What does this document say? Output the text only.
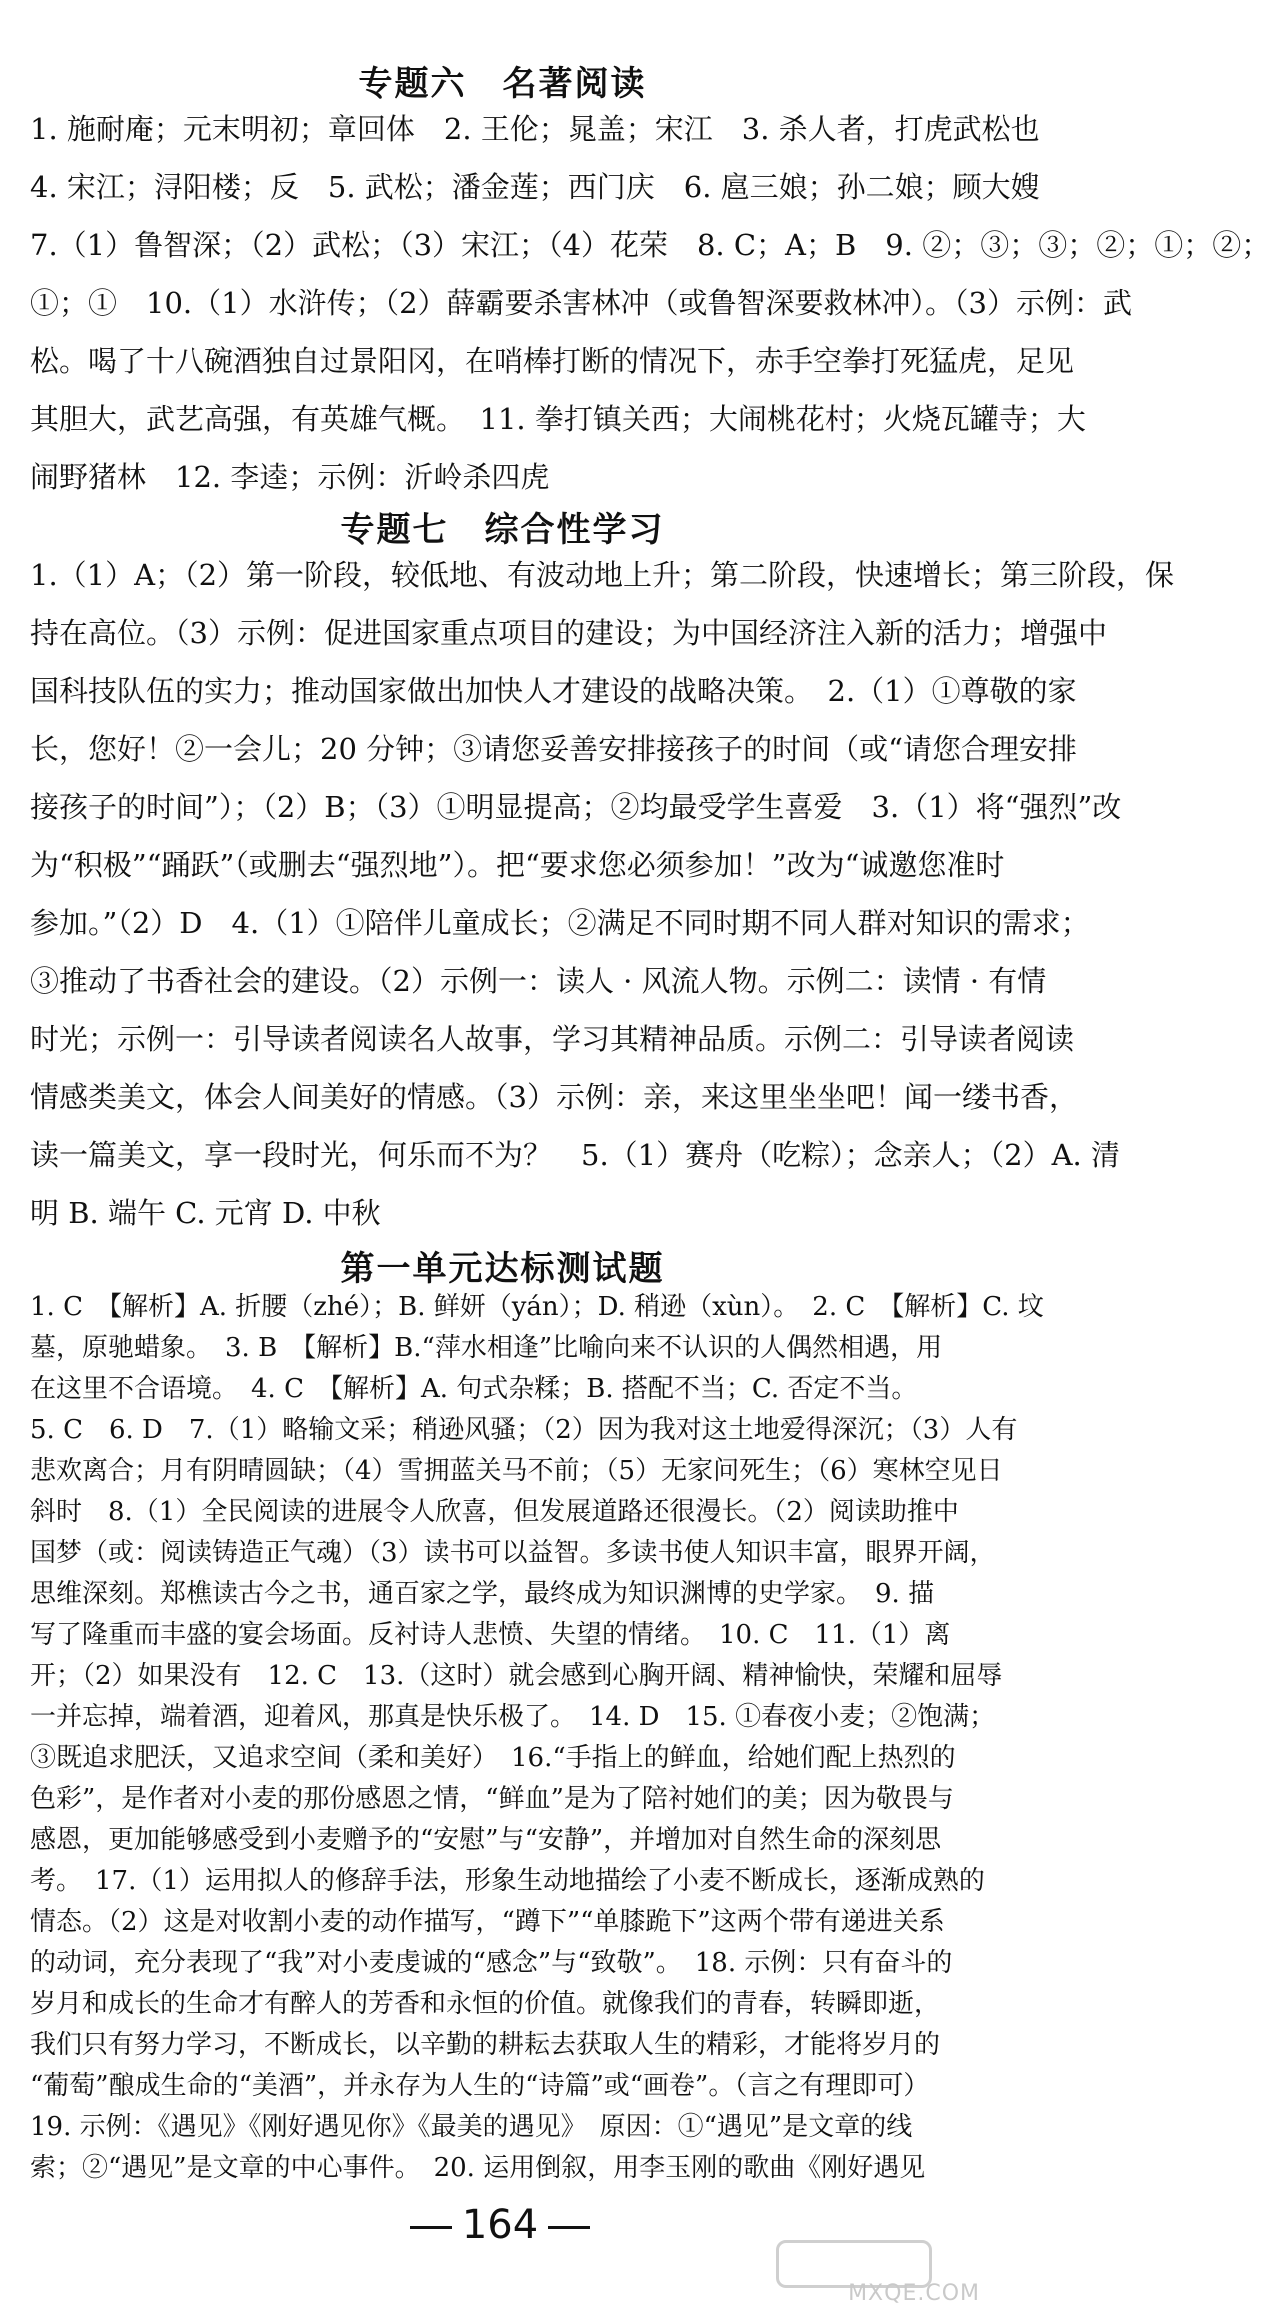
专题六　名著阅读
1. 施耐庵；元末明初；章回体　2. 王伦；晁盖；宋江　3. 杀人者，打虎武松也
4. 宋江；浔阳楼；反　5. 武松；潘金莲；西门庆　6. 扈三娘；孙二娘；顾大嫂
7.（1）鲁智深；（2）武松；（3）宋江；（4）花荣　8. C；A；B　9. ②；③；③；②；①；②；
①；①　10.（1）水浒传；（2）薛霸要杀害林冲（或鲁智深要救林冲）。（3）示例：武
松。喝了十八碗酒独自过景阳冈，在哨棒打断的情况下，赤手空拳打死猛虎，足见
其胆大，武艺高强，有英雄气概。　11. 拳打镇关西；大闹桃花村；火烧瓦罐寺；大
闹野猪林　12. 李逵；示例：沂岭杀四虎
专题七　综合性学习
1.（1）A；（2）第一阶段，较低地、有波动地上升；第二阶段，快速增长；第三阶段，保
持在高位。（3）示例：促进国家重点项目的建设；为中国经济注入新的活力；增强中
国科技队伍的实力；推动国家做出加快人才建设的战略决策。　2.（1）①尊敬的家
长，您好！②一会儿；20 分钟；③请您妥善安排接孩子的时间（或“请您合理安排
接孩子的时间”）；（2）B；（3）①明显提高；②均最受学生喜爱　3.（1）将“强烈”改
为“积极”“踊跃”（或删去“强烈地”）。把“要求您必须参加！”改为“诚邀您准时
参加。”（2）D　4.（1）①陪伴儿童成长；②满足不同时期不同人群对知识的需求；
③推动了书香社会的建设。（2）示例一：读人 · 风流人物。示例二：读情 · 有情
时光；示例一：引导读者阅读名人故事，学习其精神品质。示例二：引导读者阅读
情感类美文，体会人间美好的情感。（3）示例：亲，来这里坐坐吧！闻一缕书香，
读一篇美文，享一段时光，何乐而不为？　5.（1）赛舟（吃粽）；念亲人；（2）A. 清
明 B. 端午 C. 元宵 D. 中秋
第一单元达标测试题
1. C　【解析】A. 折腰（zhé）；B. 鲜妍（yán）；D. 稍逊（xùn）。　2. C　【解析】C. 坟
墓，原驰蜡象。　3. B　【解析】B.“萍水相逢”比喻向来不认识的人偶然相遇，用
在这里不合语境。　4. C　【解析】A. 句式杂糅；B. 搭配不当；C. 否定不当。
5. C　6. D　7.（1）略输文采；稍逊风骚；（2）因为我对这土地爱得深沉；（3）人有
悲欢离合；月有阴晴圆缺；（4）雪拥蓝关马不前；（5）无家问死生；（6）寒林空见日
斜时　8.（1）全民阅读的进展令人欣喜，但发展道路还很漫长。（2）阅读助推中
国梦（或：阅读铸造正气魂）（3）读书可以益智。多读书使人知识丰富，眼界开阔，
思维深刻。郑樵读古今之书，通百家之学，最终成为知识渊博的史学家。　9. 描
写了隆重而丰盛的宴会场面。反衬诗人悲愤、失望的情绪。　10. C　11.（1）离
开；（2）如果没有　12. C　13.（这时）就会感到心胸开阔、精神愉快，荣耀和屈辱
一并忘掉，端着酒，迎着风，那真是快乐极了。　14. D　15. ①春夜小麦；②饱满；
③既追求肥沃，又追求空间（柔和美好）　16.“手指上的鲜血，给她们配上热烈的
色彩”，是作者对小麦的那份感恩之情，“鲜血”是为了陪衬她们的美；因为敬畏与
感恩，更加能够感受到小麦赠予的“安慰”与“安静”，并增加对自然生命的深刻思
考。　17.（1）运用拟人的修辞手法，形象生动地描绘了小麦不断成长，逐渐成熟的
情态。（2）这是对收割小麦的动作描写，“蹲下”“单膝跪下”这两个带有递进关系
的动词，充分表现了“我”对小麦虔诚的“感念”与“致敬”。　18. 示例：只有奋斗的
岁月和成长的生命才有醉人的芳香和永恒的价值。就像我们的青春，转瞬即逝，
我们只有努力学习，不断成长，以辛勤的耕耘去获取人生的精彩，才能将岁月的
“葡萄”酿成生命的“美酒”，并永存为人生的“诗篇”或“画卷”。（言之有理即可）
19. 示例：《遇见》《刚好遇见你》《最美的遇见》　原因：①“遇见”是文章的线
索；②“遇见”是文章的中心事件。　20. 运用倒叙，用李玉刚的歌曲《刚好遇见
164
MXQE.COM
